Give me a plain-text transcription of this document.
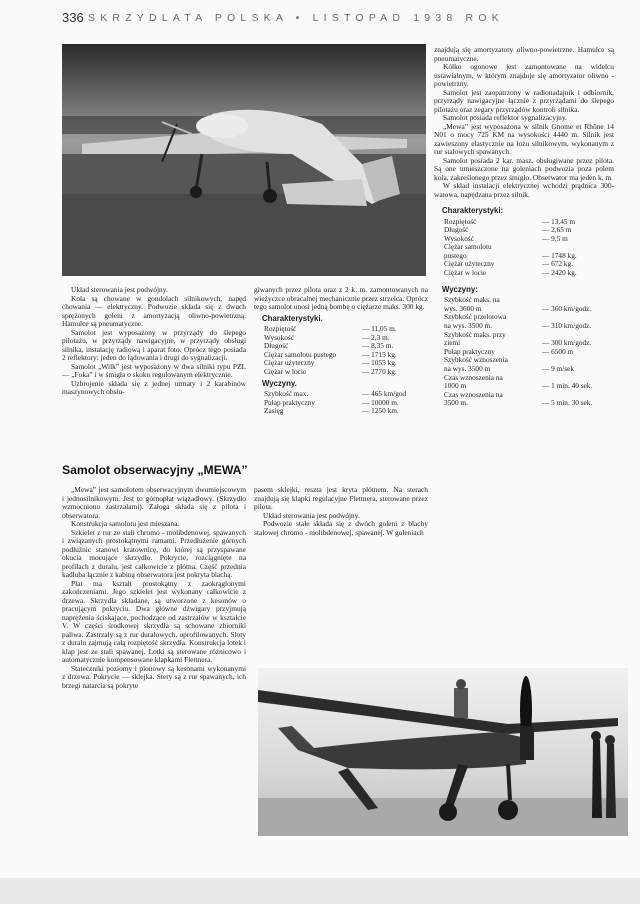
336 SKRZYDLATA POLSKA • LISTOPAD 1938 ROK

Układ sterowania jest podwójny.

Koła są chowane w gondolach silnikowych, napęd chowania — elektryczny. Podwozie składa się z dwuch sprężonych goleni z amortyzacją oliwno-powietrzną. Hamulce są pneumatyczne.

Samolot jest wyposażony w przyrządy do ślepego pilotażu, w przyrządy nawigacyjne, w przyrządy obsługi silnika, instalację radiową i aparat foto. Oprócz tego posiada 2 reflektory: jeden do lądowania i drugi do sygnalizacji.

Samolot „Wilk” jest wyposażony w dwa silniki typu PZL — „Foka” i w śmigła o skoku regulowanym elektrycznie.

Uzbrojenie składa się z jednej urmaty i 2 karabinów maszynowych obsłu-

giwanych przez pilota oraz z 2 k. m. zamontowanych na wieżyczce obracalnej mechanicznie przez strzelca. Oprócz tego samolot unosi jedną bombę o ciężarze maks. 300 kg.

Charakterystyki.
Rozpiętość	— 11,05 m.
Wysokość	— 2,3 m.
Długość	— 8,35 m.
Ciężar samolotu pustego	— 1715 kg.
Ciężar użyteczny	— 1055 kg.
Ciężar w locie	— 2770 kg.
Wyczyny.
Szybkość max.	— 465 km/god
Pułap praktyczny	— 10000 m.
Zasięg	— 1250 km.

znajdują się amortyzatory oliwno-powietrzne. Hamulce są pneumatyczne.

Kółko ogonowe jest zamontowane na widelcu ustawialnym, w którym znajduje się amortyzator oliwno - powietrzny.

Samolot jest zaopatrzony w radionadajnik i odbiornik, przyrządy nawigacyjne łącznie z przyrządami do ślepego pilotażu oraz zegary przyrządów kontroli silnika.

Samolot posiada reflektor sygnalizacyjny.

„Mewa” jest wyposażona w silnik Gnome et Rhône 14 N01 o mocy 725 KM na wysokości 4440 m. Silnik jest zawieszony elastycznie na łożu silnikowym, wykonanym z rur stalowych spawanych.

Samolot posiada 2 kar. masz. obsługiwane przez pilota. Są one umieszczone na goleniach podwozia poza polem koła, zakreślonego przez śmigło. Obserwator ma jeden k. m.

W skład instalacji elektrycznej wchodzi prądnica 300-watowa, napędzana przez silnik.

Charakterystyki:
Rozpiętość	— 13,45 m
Długość	— 2,65 m
Wysokość	— 9,5 m
Ciężar samolotu
pustego	— 1748 kg.
Ciężar użyteczny	— 672 kg.
Ciężar w locie	— 2420 kg.
Wyczyny:
Szybkość maks. na
wys. 3600 m	— 360 km/godz.
Szybkość przelotowa
na wys. 3500 m.	— 310 km/godz.
Szybkość maks. przy
ziemi	— 300 km/godz.
Pułap praktyczny	— 6500 m
Szybkość wznoszenia
na wys. 3500 m	— 9 m/sek
Czas wznoszenia na
1000 m	— 1 min. 40 sek.
Czas wznoszenia na
3500 m.	— 5 min. 30 sek.
Samolot obserwacyjny „MEWA”

„Mewa” jest samolotem obserwacyjnym dwumiejscowym i jednosilnikowym. Jest to górnopłat wiązadłowy. (Skrzydło wzmocniono zastrzałami). Załoga składa się z pilota i obserwatora.

Konstrukcja samolotu jest mieszana.

Szkielet z rur ze stali chromo - molibdenowej, spawanych i związanych prostokątnymi ramami. Przedłużenie górnych podłużnic stanowi kratownicę, do której są przyspawane okucia mocujące skrzydło. Pokrycie, rozciągnięte na profilach z duralu, jest całkowicie z płótna. Część przednia kadłuba łącznie z kabiną obserwatora jest pokryta blachą.

Płat ma kształt prostokątny z zaokrąglonymi zakończeniami. Jego szkielet jest wykonany całkowicie z drzewa. Skrzydła składane, są utworzone z kesonów o pracującym pokryciu. Dwa główne dźwigary przyjmują naprężenia ściskające, pochodzące od zastrzałów w kształcie V. W części środkowej skrzydła są schowane zbiorniki paliwa. Zastrzały są z rur duralowych, oprofilowanych. Sloty z duralu zajmują całą rozpiętość skrzydła. Konstrukcja lotek i klap jest ze stali spawanej. Lotki są sterowane różnicowo i automatycznie kompensowane klapkami Flettnera.

Stateczniki poziomy i pionowy są kesonami wykonanymi z drzewa. Pokrycie — sklejka. Stery są z rur spawanych, ich brzegi natarcia są pokryte

pasem sklejki, reszta jest kryta płótnem. Na sterach znajdują się klapki regulacyjne Flettnera, sterowane przez pilota.

Układ sterowania jest podwójny.

Podwozie stałe składa się z dwóch goleni z blachy stalowej chromo - molibdenowej, spawanej. W goleniach
